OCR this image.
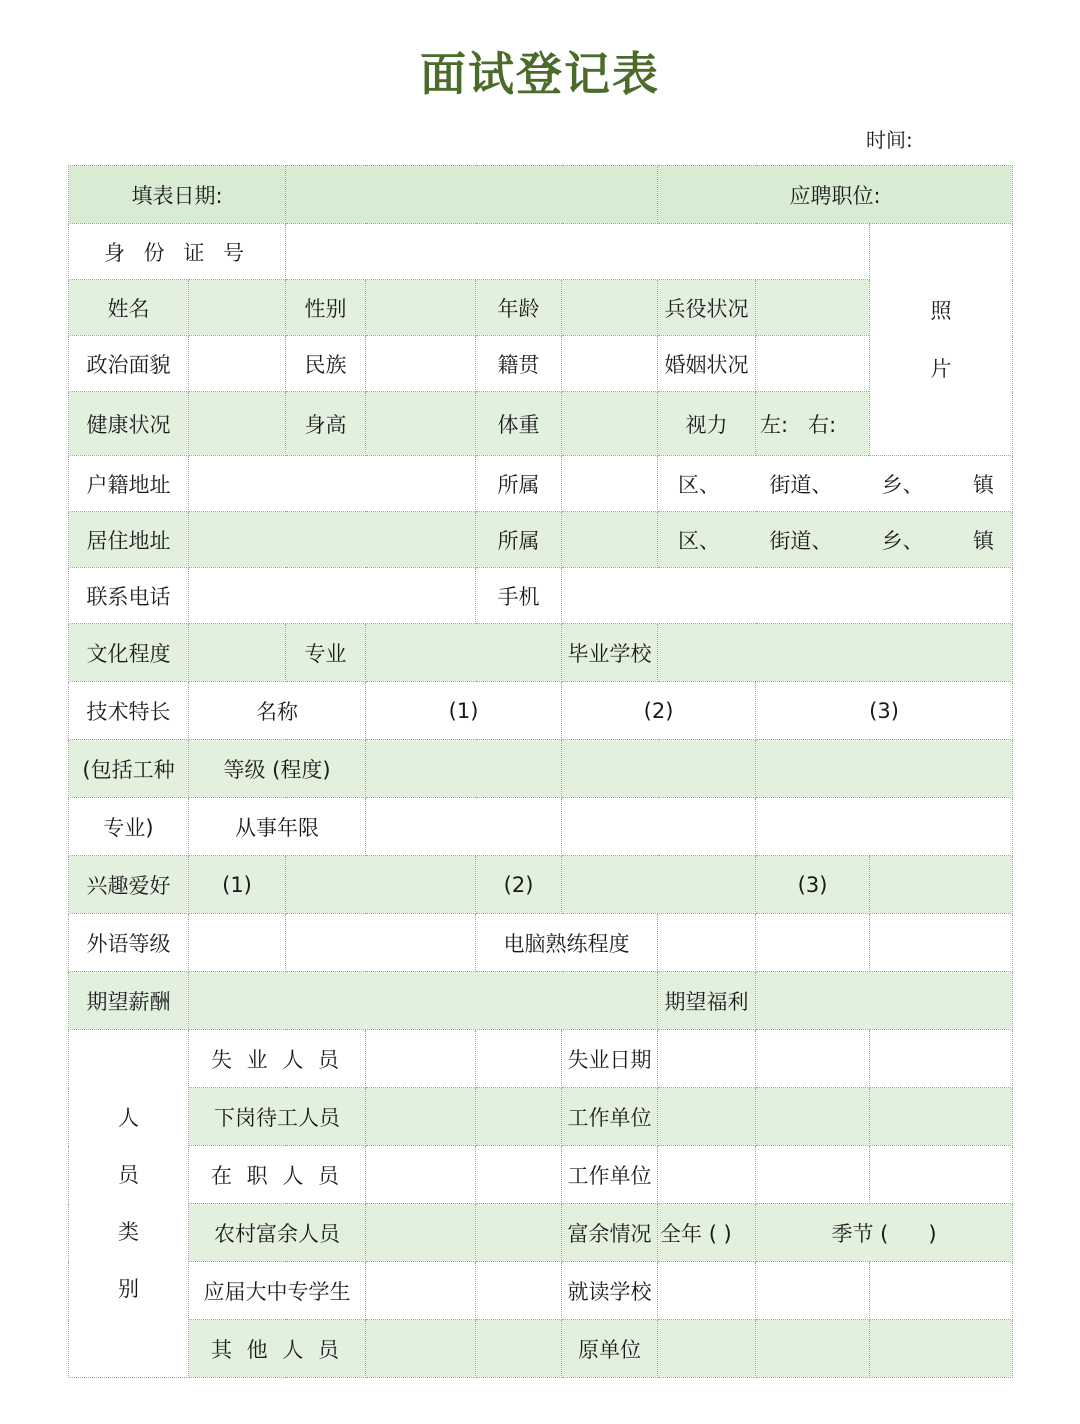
面试登记表
时间:
填表日期:						应聘职位:		
身 份 证 号								照
片

姓名		性别		年龄		兵役状况		
政治面貌		民族		籍贯		婚姻状况		
健康状况		身高		体重		视力	左:   右:	
户籍地址				所属		区、 街道、 乡、 镇		

居住地址				所属		区、 街道、 乡、 镇		

联系电话				手机				
文化程度		专业			毕业学校			
技术特长	名称		(1)		(2)		(3)	
(包括工种	等级 (程度)							
专业)	从事年限							
兴趣爱好	(1)			(2)			(3)	
外语等级				电脑熟练程度				
期望薪酬						期望福利		

人
员
类
别	失 业 人 员				失业日期			
	下岗待工人员				工作单位			
	在 职 人 员				工作单位			
	农村富余人员				富余情况	全年 ( )	季节 (      )	
	应届大中专学生				就读学校			
	其 他 人 员				原单位			
